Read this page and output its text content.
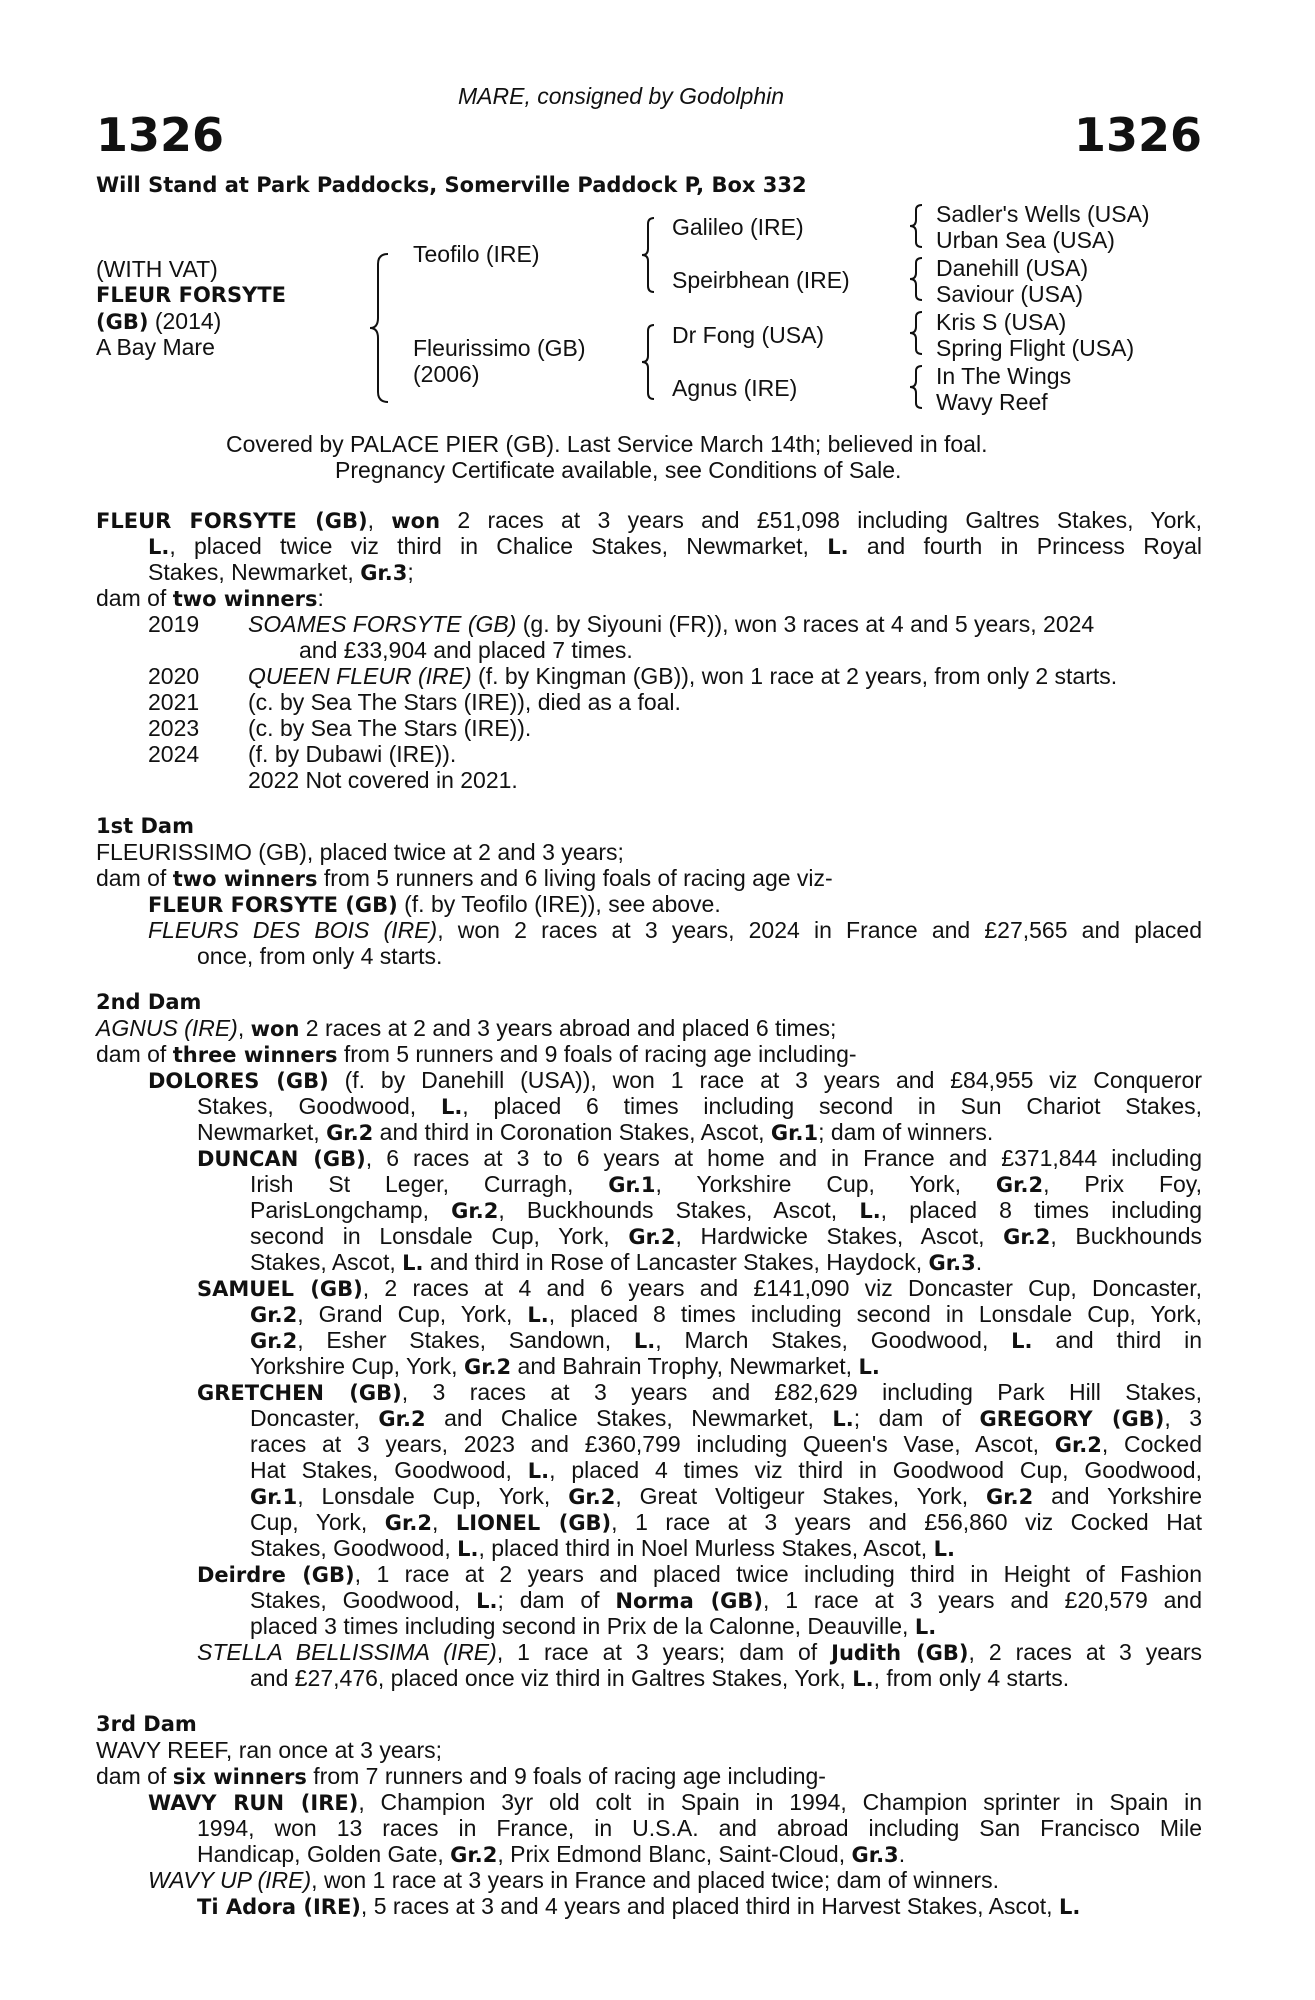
MARE, consigned by Godolphin
1326	1326
Will Stand at Park Paddocks, Somerville Paddock P, Box 332
(WITH VAT)
FLEUR FORSYTE
(GB) (2014)
A Bay Mare
Teofilo (IRE)
Fleurissimo (GB)
(2006)
Galileo (IRE)
Speirbhean (IRE)
Dr Fong (USA)
Agnus (IRE)
Sadler's Wells (USA)
Urban Sea (USA)
Danehill (USA)
Saviour (USA)
Kris S (USA)
Spring Flight (USA)
In The Wings
Wavy Reef
Covered by PALACE PIER (GB). Last Service March 14th; believed in foal.
Pregnancy Certificate available, see Conditions of Sale.
FLEUR FORSYTE (GB), won 2 races at 3 years and £51,098 including Galtres Stakes, York,
L., placed twice viz third in Chalice Stakes, Newmarket, L. and fourth in Princess Royal
Stakes, Newmarket, Gr.3;
dam of two winners:
2019 SOAMES FORSYTE (GB) (g. by Siyouni (FR)), won 3 races at 4 and 5 years, 2024
and £33,904 and placed 7 times.
2020 QUEEN FLEUR (IRE) (f. by Kingman (GB)), won 1 race at 2 years, from only 2 starts.
2021 (c. by Sea The Stars (IRE)), died as a foal.
2023 (c. by Sea The Stars (IRE)).
2024 (f. by Dubawi (IRE)).
2022 Not covered in 2021.
1st Dam
FLEURISSIMO (GB), placed twice at 2 and 3 years;
dam of two winners from 5 runners and 6 living foals of racing age viz-
FLEUR FORSYTE (GB) (f. by Teofilo (IRE)), see above.
FLEURS DES BOIS (IRE), won 2 races at 3 years, 2024 in France and £27,565 and placed
once, from only 4 starts.
2nd Dam
AGNUS (IRE), won 2 races at 2 and 3 years abroad and placed 6 times;
dam of three winners from 5 runners and 9 foals of racing age including-
DOLORES (GB) (f. by Danehill (USA)), won 1 race at 3 years and £84,955 viz Conqueror
Stakes, Goodwood, L., placed 6 times including second in Sun Chariot Stakes,
Newmarket, Gr.2 and third in Coronation Stakes, Ascot, Gr.1; dam of winners.
DUNCAN (GB), 6 races at 3 to 6 years at home and in France and £371,844 including
Irish St Leger, Curragh, Gr.1, Yorkshire Cup, York, Gr.2, Prix Foy,
ParisLongchamp, Gr.2, Buckhounds Stakes, Ascot, L., placed 8 times including
second in Lonsdale Cup, York, Gr.2, Hardwicke Stakes, Ascot, Gr.2, Buckhounds
Stakes, Ascot, L. and third in Rose of Lancaster Stakes, Haydock, Gr.3.
SAMUEL (GB), 2 races at 4 and 6 years and £141,090 viz Doncaster Cup, Doncaster,
Gr.2, Grand Cup, York, L., placed 8 times including second in Lonsdale Cup, York,
Gr.2, Esher Stakes, Sandown, L., March Stakes, Goodwood, L. and third in
Yorkshire Cup, York, Gr.2 and Bahrain Trophy, Newmarket, L.
GRETCHEN (GB), 3 races at 3 years and £82,629 including Park Hill Stakes,
Doncaster, Gr.2 and Chalice Stakes, Newmarket, L.; dam of GREGORY (GB), 3
races at 3 years, 2023 and £360,799 including Queen's Vase, Ascot, Gr.2, Cocked
Hat Stakes, Goodwood, L., placed 4 times viz third in Goodwood Cup, Goodwood,
Gr.1, Lonsdale Cup, York, Gr.2, Great Voltigeur Stakes, York, Gr.2 and Yorkshire
Cup, York, Gr.2, LIONEL (GB), 1 race at 3 years and £56,860 viz Cocked Hat
Stakes, Goodwood, L., placed third in Noel Murless Stakes, Ascot, L.
Deirdre (GB), 1 race at 2 years and placed twice including third in Height of Fashion
Stakes, Goodwood, L.; dam of Norma (GB), 1 race at 3 years and £20,579 and
placed 3 times including second in Prix de la Calonne, Deauville, L.
STELLA BELLISSIMA (IRE), 1 race at 3 years; dam of Judith (GB), 2 races at 3 years
and £27,476, placed once viz third in Galtres Stakes, York, L., from only 4 starts.
3rd Dam
WAVY REEF, ran once at 3 years;
dam of six winners from 7 runners and 9 foals of racing age including-
WAVY RUN (IRE), Champion 3yr old colt in Spain in 1994, Champion sprinter in Spain in
1994, won 13 races in France, in U.S.A. and abroad including San Francisco Mile
Handicap, Golden Gate, Gr.2, Prix Edmond Blanc, Saint-Cloud, Gr.3.
WAVY UP (IRE), won 1 race at 3 years in France and placed twice; dam of winners.
Ti Adora (IRE), 5 races at 3 and 4 years and placed third in Harvest Stakes, Ascot, L.
